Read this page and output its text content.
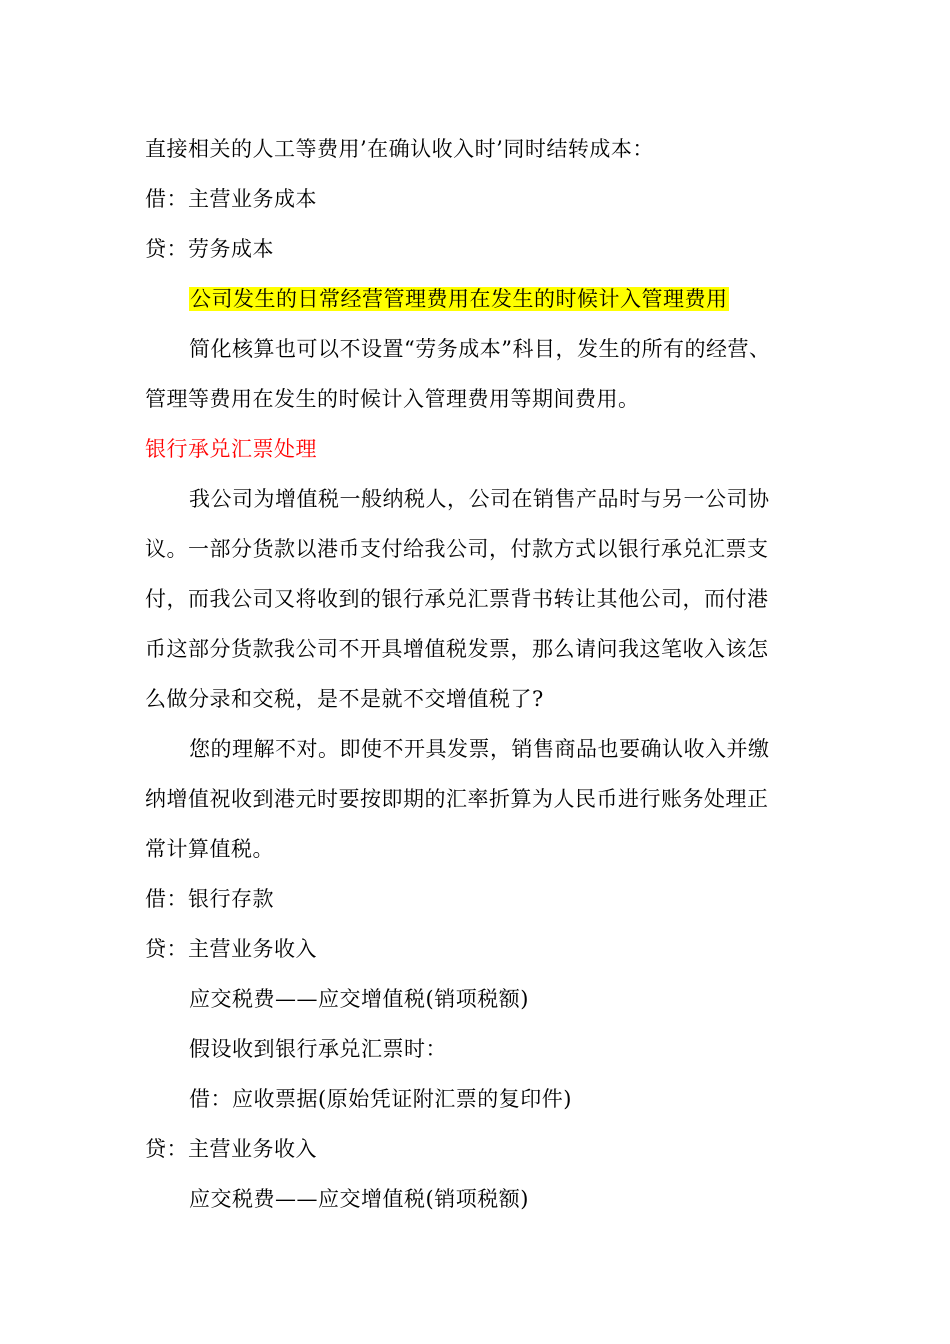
直接相关的人工等费用’在确认收入时’同时结转成本：
借：主营业务成本
贷：劳务成本
公司发生的日常经营管理费用在发生的时候计入管理费用
简化核算也可以不设置“劳务成本”科目，发生的所有的经营、
管理等费用在发生的时候计入管理费用等期间费用。
银行承兑汇票处理
我公司为增值税一般纳税人，公司在销售产品时与另一公司协
议。一部分货款以港币支付给我公司，付款方式以银行承兑汇票支
付，而我公司又将收到的银行承兑汇票背书转让其他公司，而付港
币这部分货款我公司不开具增值税发票，那么请问我这笔收入该怎
么做分录和交税，是不是就不交增值税了?
您的理解不对。即使不开具发票，销售商品也要确认收入并缴
纳增值祝收到港元时要按即期的汇率折算为人民币进行账务处理正
常计算值税。
借：银行存款
贷：主营业务收入
应交税费——应交增值税(销项税额)
假设收到银行承兑汇票时：
借：应收票据(原始凭证附汇票的复印件)
贷：主营业务收入
应交税费——应交增值税(销项税额)
